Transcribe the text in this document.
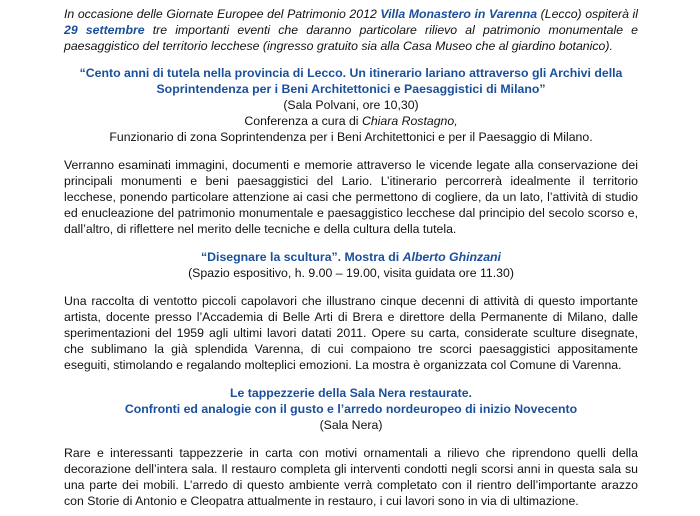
In occasione delle Giornate Europee del Patrimonio 2012 Villa Monastero in Varenna (Lecco) ospiterà il 29 settembre tre importanti eventi che daranno particolare rilievo al patrimonio monumentale e paesaggistico del territorio lecchese (ingresso gratuito sia alla Casa Museo che al giardino botanico).

“Cento anni di tutela nella provincia di Lecco. Un itinerario lariano attraverso gli Archivi della

Soprintendenza per i Beni Architettonici e Paesaggistici di Milano”

(Sala Polvani, ore 10,30)

Conferenza a cura di Chiara Rostagno,

Funzionario di zona Soprintendenza per i Beni Architettonici e per il Paesaggio di Milano.

Verranno esaminati immagini, documenti e memorie attraverso le vicende legate alla conservazione dei principali monumenti e beni paesaggistici del Lario. L’itinerario percorrerà idealmente il territorio lecchese, ponendo particolare attenzione ai casi che permettono di cogliere, da un lato, l’attività di studio ed enucleazione del patrimonio monumentale e paesaggistico lecchese dal principio del secolo scorso e, dall’altro, di riflettere nel merito delle tecniche e della cultura della tutela.

“Disegnare la scultura”. Mostra di Alberto Ghinzani

(Spazio espositivo, h. 9.00 – 19.00, visita guidata ore 11.30)

Una raccolta di ventotto piccoli capolavori che illustrano cinque decenni di attività di questo importante artista, docente presso l’Accademia di Belle Arti di Brera e direttore della Permanente di Milano, dalle sperimentazioni del 1959 agli ultimi lavori datati 2011. Opere su carta, considerate sculture disegnate, che sublimano la già splendida Varenna, di cui compaiono tre scorci paesaggistici appositamente eseguiti, stimolando e regalando molteplici emozioni. La mostra è organizzata col Comune di Varenna.

Le tappezzerie della Sala Nera restaurate.

Confronti ed analogie con il gusto e l’arredo nordeuropeo di inizio Novecento

(Sala Nera)

Rare e interessanti tappezzerie in carta con motivi ornamentali a rilievo che riprendono quelli della decorazione dell’intera sala. Il restauro completa gli interventi condotti negli scorsi anni in questa sala su una parte dei mobili. L’arredo di questo ambiente verrà completato con il rientro dell’importante arazzo con Storie di Antonio e Cleopatra attualmente in restauro, i cui lavori sono in via di ultimazione.
